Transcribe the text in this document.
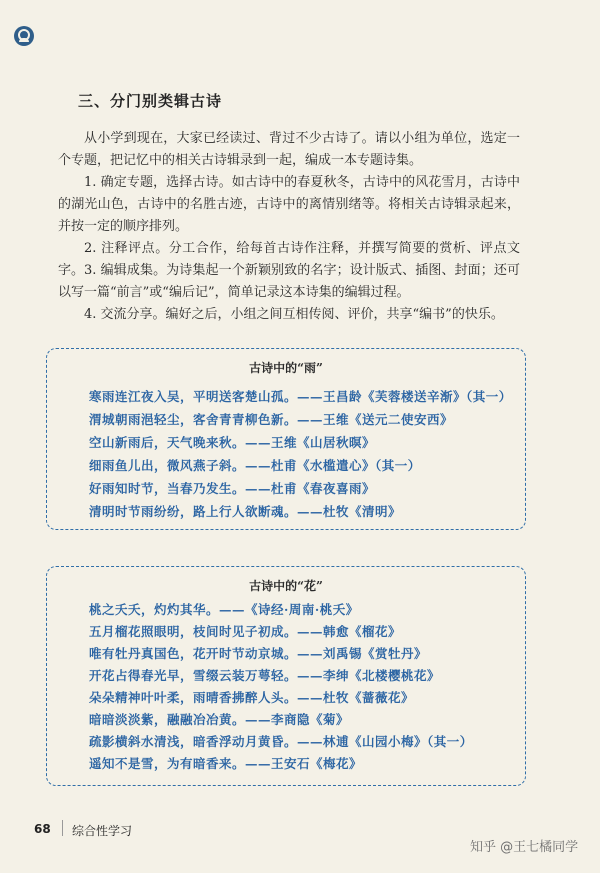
三、分门别类辑古诗
从小学到现在，大家已经读过、背过不少古诗了。请以小组为单位，选定一个专题，把记忆中的相关古诗辑录到一起，编成一本专题诗集。
1. 确定专题，选择古诗。如古诗中的春夏秋冬，古诗中的风花雪月，古诗中的湖光山色，古诗中的名胜古迹，古诗中的离情别绪等。将相关古诗辑录起来，并按一定的顺序排列。
2. 注释评点。分工合作，给每首古诗作注释，并撰写简要的赏析、评点文字。 3. 编辑成集。为诗集起一个新颖别致的名字；设计版式、插图、封面；还可以写一篇“前言”或“编后记”，简单记录这本诗集的编辑过程。
4. 交流分享。编好之后，小组之间互相传阅、评价，共享“编书”的快乐。
古诗中的“雨”
寒雨连江夜入吴，平明送客楚山孤。——王昌龄《芙蓉楼送辛渐》（其一）
渭城朝雨浥轻尘，客舍青青柳色新。——王维《送元二使安西》
空山新雨后，天气晚来秋。——王维《山居秋暝》
细雨鱼儿出，微风燕子斜。——杜甫《水槛遣心》（其一）
好雨知时节，当春乃发生。——杜甫《春夜喜雨》
清明时节雨纷纷，路上行人欲断魂。——杜牧《清明》
古诗中的“花”
桃之夭夭，灼灼其华。——《诗经·周南·桃夭》
五月榴花照眼明，枝间时见子初成。——韩愈《榴花》
唯有牡丹真国色，花开时节动京城。——刘禹锡《赏牡丹》
开花占得春光早，雪缀云装万萼轻。——李绅《北楼樱桃花》
朵朵精神叶叶柔，雨晴香拂醉人头。——杜牧《蔷薇花》
暗暗淡淡紫，融融冶冶黄。——李商隐《菊》
疏影横斜水清浅，暗香浮动月黄昏。——林逋《山园小梅》（其一）
遥知不是雪，为有暗香来。——王安石《梅花》
68 综合性学习
知乎 @王七橘同学
